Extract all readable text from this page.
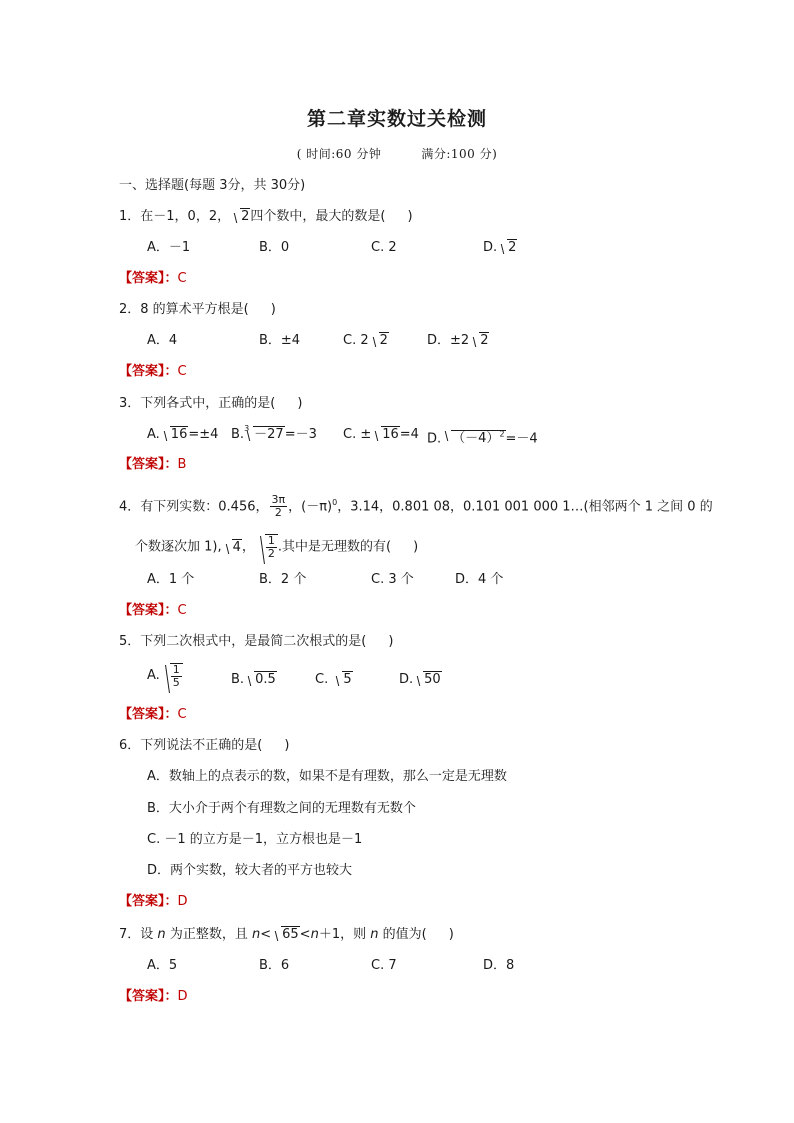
第二章实数过关检测
( 时间:60 分钟	满分:100 分)
一、选择题(每题 3分，共 30分)
1．在－1，0，2， 2四个数中，最大的数是( )
A．－1	B．0	C. 2	D. 2
【答案】：C
2．8 的算术平方根是( )
A．4	B．±4	C. 2 2	D．±2 2
【答案】：C
3．下列各式中，正确的是( )
A. 16=±4 B.$^3$ －27=－3 C. ± 16=4 D. $(-4)^2=-4$
【答案】：B
4．有下列实数：0.456， $\frac{3\pi}{2}$ ，$(-\pi)^0$，3.14，0.801 08，0.101 001 000 1…(相邻两个 1 之间 0 的
个数逐次加 1), 4， $\frac{1}{2}$ .其中是无理数的有( )
A．1 个	B．2 个	C. 3 个	D．4 个
【答案】：C
5．下列二次根式中，是最简二次根式的是( )
A. $\frac{1}{5}$	B. 0.5	C. 5	D. 50
【答案】：C
6．下列说法不正确的是( )
A．数轴上的点表示的数，如果不是有理数，那么一定是无理数
B．大小介于两个有理数之间的无理数有无数个
C. －1 的立方是－1，立方根也是－1
D．两个实数，较大者的平方也较大
【答案】：D
7．设 n 为正整数，且 n< 65<n＋1，则 n 的值为( )
A．5	B．6	C. 7	D．8
【答案】：D
